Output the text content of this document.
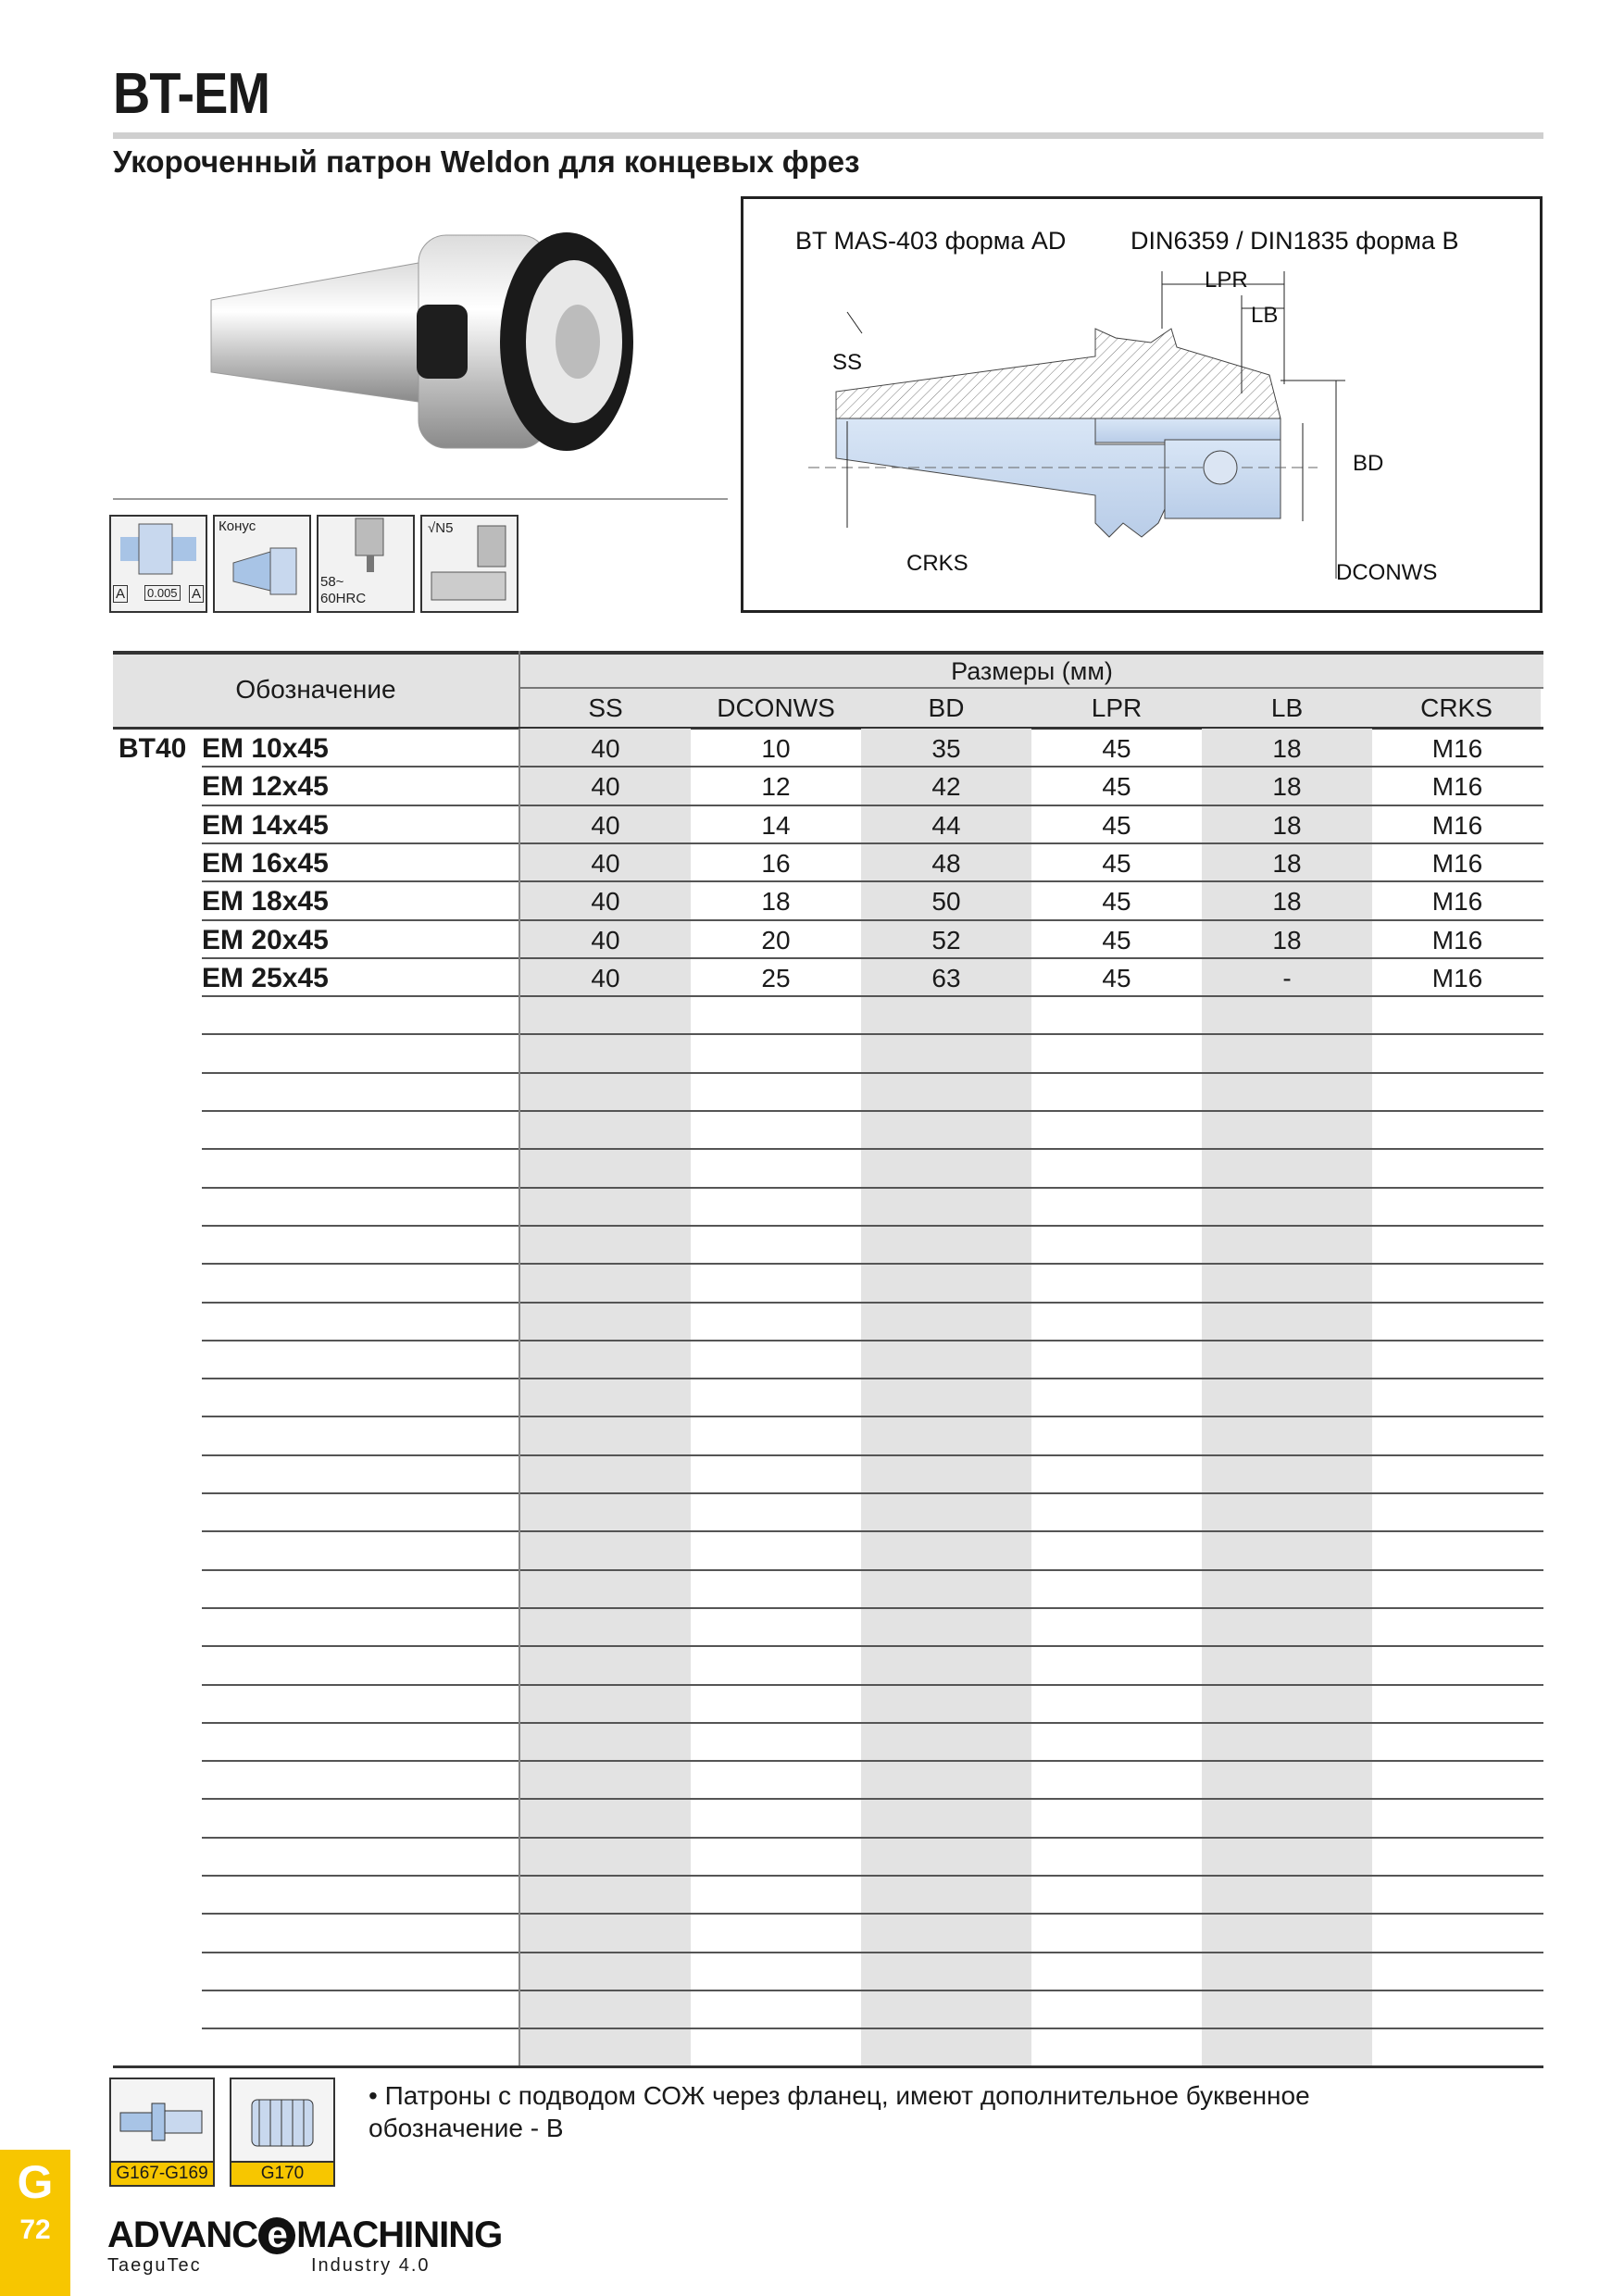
BT-EM
Укороченный патрон Weldon для концевых фрез
A 0.005 A
Конус
58~
60HRC
√N5
BT MAS-403 форма AD	DIN6359 / DIN1835 форма B
LPR
LB
SS
BD
CRKS	DCONWS
Обозначение
Размеры (мм)
SS	DCONWS	BD	LPR	LB	CRKS
BT40 EM 10x45	40	10	35	45	18	M16
EM 12x45	40	12	42	45	18	M16
EM 14x45	40	14	44	45	18	M16
EM 16x45	40	16	48	45	18	M16
EM 18x45	40	18	50	45	18	M16
EM 20x45	40	20	52	45	18	M16
EM 25x45	40	25	63	45	-	M16
G167-G169	G170
• Патроны с подводом СОЖ через фланец, имеют дополнительное буквенное обозначение - B
G
72	ADVANC e MACHINING
TaeguTec	Industry 4.0
